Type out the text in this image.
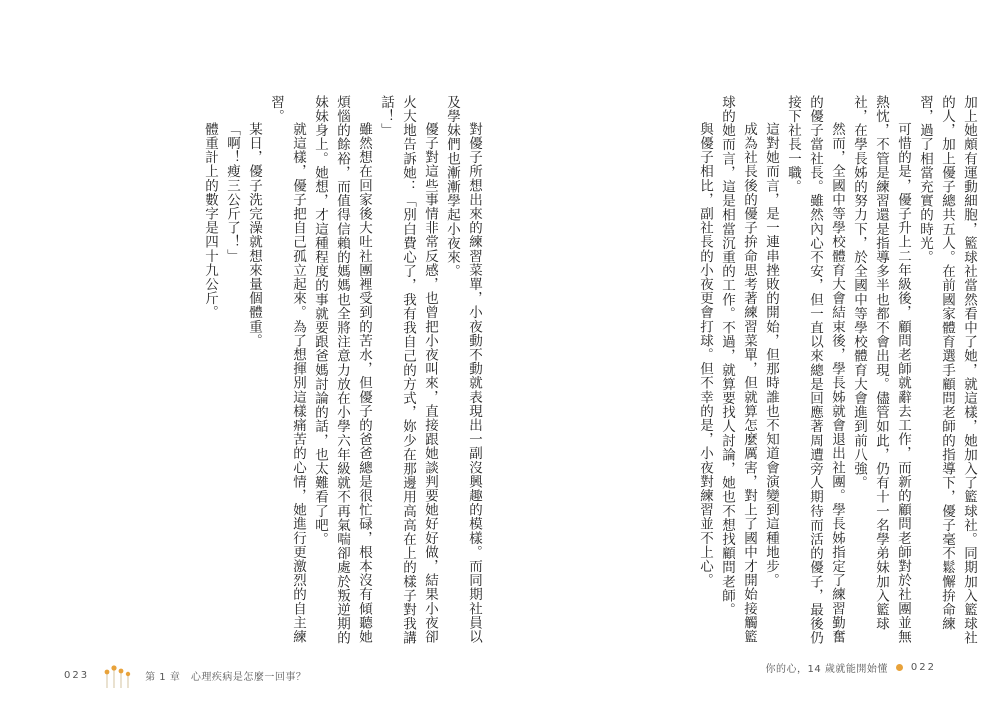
對優子所想出來的練習菜單，小夜動不動就表現出一副沒興趣的模樣。而同期社員以及學妹們也漸漸學起小夜來。

優子對這些事情非常反感，也曾把小夜叫來，直接跟她談判要她好好做，結果小夜卻火大地告訴她：「別白費心了，我有我自己的方式，妳少在那邊用高高在上的樣子對我講話！」

雖然想在回家後大吐社團裡受到的苦水，但優子的爸爸總是很忙碌，根本沒有傾聽她煩惱的餘裕，而值得信賴的媽媽也全將注意力放在小學六年級就不再氣喘卻處於叛逆期的妹妹身上。她想，才這種程度的事就要跟爸媽討論的話，也太難看了吧。

就這樣，優子把自己孤立起來。為了想揮別這樣痛苦的心情，她進行更激烈的自主練習。

某日，優子洗完澡就想來量個體重。

「啊！瘦三公斤了！」

體重計上的數字是四十九公斤。

023	第 1 章　心理疾病是怎麼一回事？

加上她頗有運動細胞，籃球社當然看中了她，就這樣，她加入了籃球社。同期加入籃球社的人，加上優子總共五人。在前國家體育選手顧問老師的指導下，優子毫不鬆懈拚命練習，過了相當充實的時光。

可惜的是，優子升上二年級後，顧問老師就辭去工作，而新的顧問老師對於社團並無熱忱，不管是練習還是指導多半也都不會出現。儘管如此，仍有十一名學弟妹加入籃球社，在學長姊的努力下，於全國中等學校體育大會進到前八強。

然而，全國中等學校體育大會結束後，學長姊就會退出社團。學長姊指定了練習勤奮的優子當社長。雖然內心不安，但一直以來總是回應著周遭旁人期待而活的優子，最後仍接下社長一職。

這對她而言，是一連串挫敗的開始，但那時誰也不知道會演變到這種地步。

成為社長後的優子拚命思考著練習菜單，但就算怎麼厲害，對上了國中才開始接觸籃球的她而言，這是相當沉重的工作。不過，就算要找人討論，她也不想找顧問老師。

與優子相比，副社長的小夜更會打球。但不幸的是，小夜對練習並不上心。

你的心，14 歲就能開始懂 022
